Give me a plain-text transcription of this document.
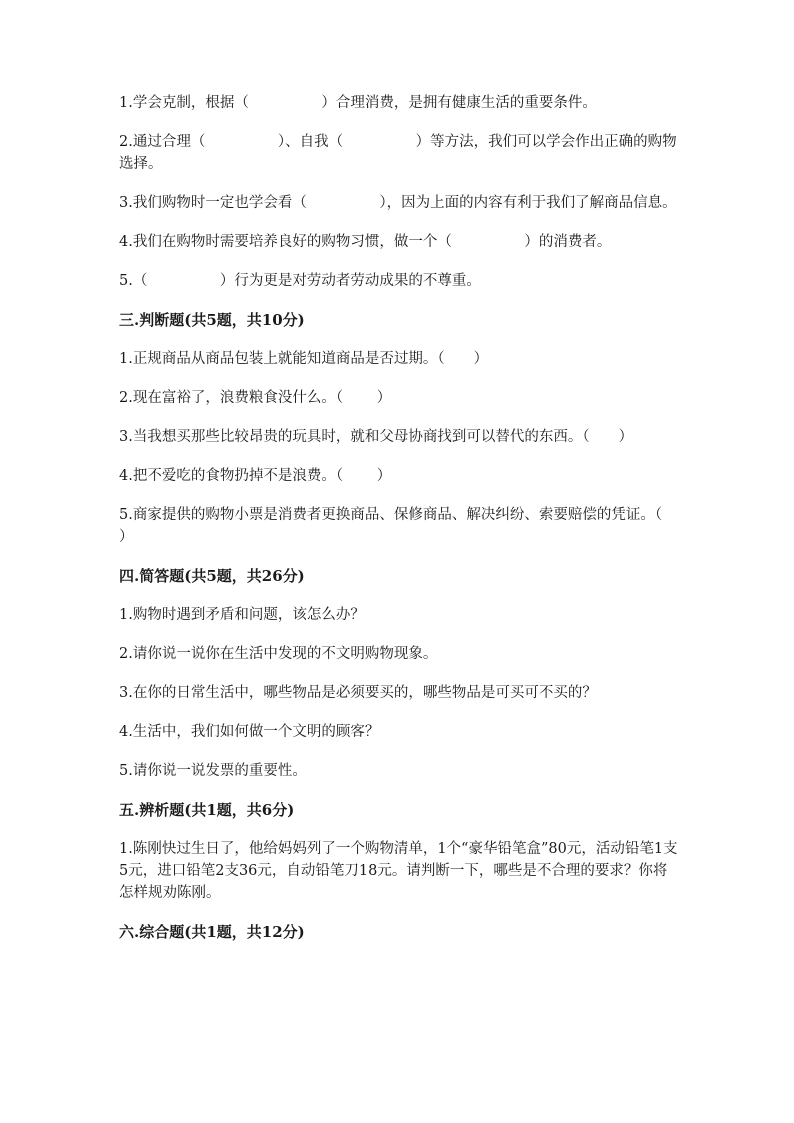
1.学会克制，根据（　　　　　）合理消费，是拥有健康生活的重要条件。

2.通过合理（　　　　　）、自我（　　　　　）等方法，我们可以学会作出正确的购物选择。

3.我们购物时一定也学会看（　　　　　），因为上面的内容有利于我们了解商品信息。

4.我们在购物时需要培养良好的购物习惯，做一个（　　　　　）的消费者。

5.（　　　　　）行为更是对劳动者劳动成果的不尊重。

三.判断题(共5题，共10分)

1.正规商品从商品包装上就能知道商品是否过期。（　　）

2.现在富裕了，浪费粮食没什么。（　　 ）

3.当我想买那些比较昂贵的玩具时，就和父母协商找到可以替代的东西。（　　）

4.把不爱吃的食物扔掉不是浪费。（　　 ）

5.商家提供的购物小票是消费者更换商品、保修商品、解决纠纷、索要赔偿的凭证。（　　 ）

四.简答题(共5题，共26分)

1.购物时遇到矛盾和问题，该怎么办？

2.请你说一说你在生活中发现的不文明购物现象。

3.在你的日常生活中，哪些物品是必须要买的，哪些物品是可买可不买的？

4.生活中，我们如何做一个文明的顾客？

5.请你说一说发票的重要性。

五.辨析题(共1题，共6分)

1.陈刚快过生日了，他给妈妈列了一个购物清单，1个“豪华铅笔盒”80元，活动铅笔1支5元，进口铅笔2支36元，自动铅笔刀18元。请判断一下，哪些是不合理的要求？你将怎样规劝陈刚。

六.综合题(共1题，共12分)
